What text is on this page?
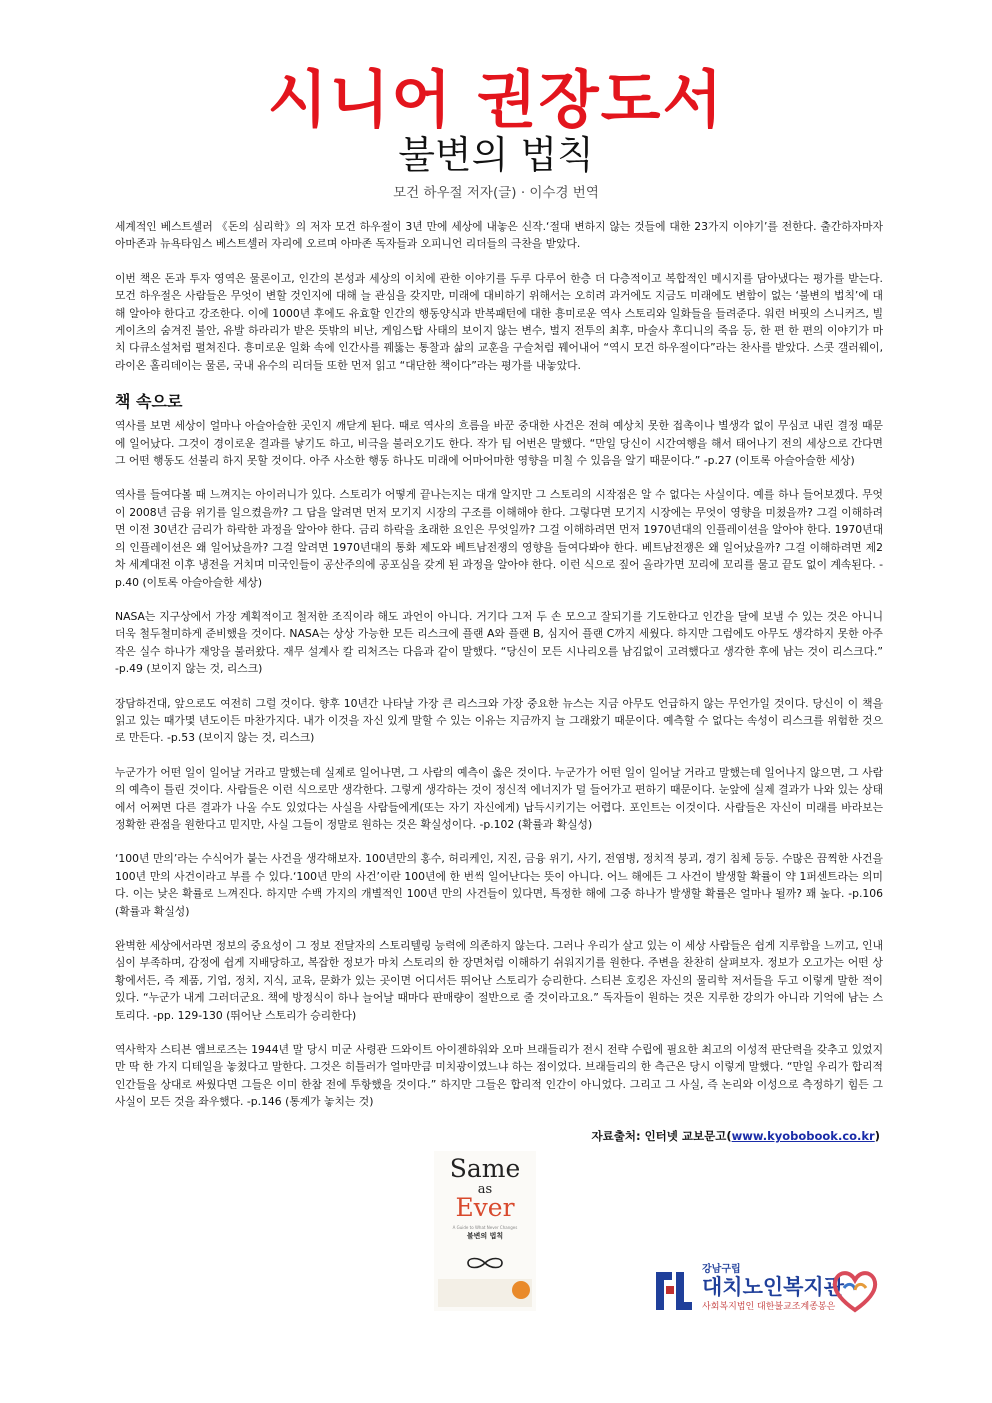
시니어 권장도서
불변의 법칙
모건 하우절 저자(글) · 이수경 번역

세계적인 베스트셀러 《돈의 심리학》의 저자 모건 하우절이 3년 만에 세상에 내놓은 신작.‘절대 변하지 않는 것들에 대한 23가지 이야기’를 전한다. 출간하자마자 아마존과 뉴욕타임스 베스트셀러 자리에 오르며 아마존 독자들과 오피니언 리더들의 극찬을 받았다.

이번 책은 돈과 투자 영역은 물론이고, 인간의 본성과 세상의 이치에 관한 이야기를 두루 다루어 한층 더 다층적이고 복합적인 메시지를 담아냈다는 평가를 받는다. 모건 하우절은 사람들은 무엇이 변할 것인지에 대해 늘 관심을 갖지만, 미래에 대비하기 위해서는 오히려 과거에도 지금도 미래에도 변함이 없는 ‘불변의 법칙’에 대해 알아야 한다고 강조한다. 이에 1000년 후에도 유효할 인간의 행동양식과 반복패턴에 대한 흥미로운 역사 스토리와 일화들을 들려준다. 워런 버핏의 스니커즈, 빌 게이츠의 숨겨진 불안, 유발 하라리가 받은 뜻밖의 비난, 게임스탑 사태의 보이지 않는 변수, 벌지 전투의 최후, 마술사 후디니의 죽음 등, 한 편 한 편의 이야기가 마치 다큐소설처럼 펼쳐진다. 흥미로운 일화 속에 인간사를 꿰뚫는 통찰과 삶의 교훈을 구슬처럼 꿰어내어 “역시 모건 하우절이다”라는 찬사를 받았다. 스콧 갤러웨이, 라이온 홀리데이는 물론, 국내 유수의 리더들 또한 먼저 읽고 “대단한 책이다”라는 평가를 내놓았다.

책 속으로

역사를 보면 세상이 얼마나 아슬아슬한 곳인지 깨닫게 된다. 때로 역사의 흐름을 바꾼 중대한 사건은 전혀 예상치 못한 접촉이나 별생각 없이 무심코 내린 결정 때문에 일어났다. 그것이 경이로운 결과를 낳기도 하고, 비극을 불러오기도 한다. 작가 팀 어번은 말했다. “만일 당신이 시간여행을 해서 태어나기 전의 세상으로 간다면 그 어떤 행동도 선불리 하지 못할 것이다. 아주 사소한 행동 하나도 미래에 어마어마한 영향을 미칠 수 있음을 알기 때문이다.” -p.27 (이토록 아슬아슬한 세상)

역사를 들여다볼 때 느껴지는 아이러니가 있다. 스토리가 어떻게 끝나는지는 대개 알지만 그 스토리의 시작점은 알 수 없다는 사실이다. 예를 하나 들어보겠다. 무엇이 2008년 금융 위기를 일으켰을까? 그 답을 알려면 먼저 모기지 시장의 구조를 이해해야 한다. 그렇다면 모기지 시장에는 무엇이 영향을 미쳤을까? 그걸 이해하려면 이전 30년간 금리가 하락한 과정을 알아야 한다. 금리 하락을 초래한 요인은 무엇일까? 그걸 이해하려면 먼저 1970년대의 인플레이션을 알아야 한다. 1970년대의 인플레이션은 왜 일어났을까? 그걸 알려면 1970년대의 통화 제도와 베트남전쟁의 영향을 들여다봐야 한다. 베트남전쟁은 왜 일어났을까? 그걸 이해하려면 제2차 세계대전 이후 냉전을 거치며 미국인들이 공산주의에 공포심을 갖게 된 과정을 알아야 한다. 이런 식으로 짚어 올라가면 꼬리에 꼬리를 물고 끝도 없이 계속된다. -p.40 (이토록 아슬아슬한 세상)

NASA는 지구상에서 가장 계획적이고 철저한 조직이라 해도 과언이 아니다. 거기다 그저 두 손 모으고 잘되기를 기도한다고 인간을 달에 보낼 수 있는 것은 아니니 더욱 철두철미하게 준비했을 것이다. NASA는 상상 가능한 모든 리스크에 플랜 A와 플랜 B, 심지어 플랜 C까지 세웠다. 하지만 그럼에도 아무도 생각하지 못한 아주 작은 실수 하나가 재앙을 불러왔다. 재무 설계사 칼 리처즈는 다음과 같이 말했다. “당신이 모든 시나리오를 남김없이 고려했다고 생각한 후에 남는 것이 리스크다.” -p.49 (보이지 않는 것, 리스크)

장담하건대, 앞으로도 여전히 그럴 것이다. 향후 10년간 나타날 가장 큰 리스크와 가장 중요한 뉴스는 지금 아무도 언급하지 않는 무언가일 것이다. 당신이 이 책을 읽고 있는 때가몇 년도이든 마찬가지다. 내가 이것을 자신 있게 말할 수 있는 이유는 지금까지 늘 그래왔기 때문이다. 예측할 수 없다는 속성이 리스크를 위험한 것으로 만든다. -p.53 (보이지 않는 것, 리스크)

누군가가 어떤 일이 일어날 거라고 말했는데 실제로 일어나면, 그 사람의 예측이 옳은 것이다. 누군가가 어떤 일이 일어날 거라고 말했는데 일어나지 않으면, 그 사람의 예측이 틀린 것이다. 사람들은 이런 식으로만 생각한다. 그렇게 생각하는 것이 정신적 에너지가 덜 들어가고 편하기 때문이다. 눈앞에 실제 결과가 나와 있는 상태에서 어쩌면 다른 결과가 나올 수도 있었다는 사실을 사람들에게(또는 자기 자신에게) 납득시키기는 어렵다. 포인트는 이것이다. 사람들은 자신이 미래를 바라보는 정확한 관점을 원한다고 믿지만, 사실 그들이 정말로 원하는 것은 확실성이다. -p.102 (확률과 확실성)

‘100년 만의’라는 수식어가 붙는 사건을 생각해보자. 100년만의 홍수, 허리케인, 지진, 금융 위기, 사기, 전염병, 정치적 붕괴, 경기 침체 등등. 수많은 끔찍한 사건을 100년 만의 사건이라고 부를 수 있다.‘100년 만의 사건’이란 100년에 한 번씩 일어난다는 뜻이 아니다. 어느 해에든 그 사건이 발생할 확률이 약 1퍼센트라는 의미다. 이는 낮은 확률로 느껴진다. 하지만 수백 가지의 개별적인 100년 만의 사건들이 있다면, 특정한 해에 그중 하나가 발생할 확률은 얼마나 될까? 꽤 높다. -p.106 (확률과 확실성)

완벽한 세상에서라면 정보의 중요성이 그 정보 전달자의 스토리텔링 능력에 의존하지 않는다. 그러나 우리가 살고 있는 이 세상 사람들은 쉽게 지루함을 느끼고, 인내심이 부족하며, 감정에 쉽게 지배당하고, 복잡한 정보가 마치 스토리의 한 장면처럼 이해하기 쉬워지기를 원한다. 주변을 찬찬히 살펴보자. 정보가 오고가는 어떤 상황에서든, 즉 제품, 기업, 정치, 지식, 교육, 문화가 있는 곳이면 어디서든 뛰어난 스토리가 승리한다. 스티븐 호킹은 자신의 물리학 저서들을 두고 이렇게 말한 적이 있다. “누군가 내게 그러더군요. 책에 방정식이 하나 늘어날 때마다 판매량이 절반으로 줄 것이라고요.” 독자들이 원하는 것은 지루한 강의가 아니라 기억에 남는 스토리다. -pp. 129-130 (뛰어난 스토리가 승리한다)

역사학자 스티븐 앰브로즈는 1944년 말 당시 미군 사령관 드와이트 아이젠하워와 오마 브래들리가 전시 전략 수립에 필요한 최고의 이성적 판단력을 갖추고 있었지만 딱 한 가지 디테일을 놓쳤다고 말한다. 그것은 히틀러가 얼마만큼 미치광이였느냐 하는 점이었다. 브래들리의 한 측근은 당시 이렇게 말했다. “만일 우리가 합리적 인간들을 상대로 싸웠다면 그들은 이미 한참 전에 투항했을 것이다.” 하지만 그들은 합리적 인간이 아니었다. 그리고 그 사실, 즉 논리와 이성으로 측정하기 힘든 그 사실이 모든 것을 좌우했다. -p.146 (통계가 놓치는 것)

자료출처: 인터넷 교보문고(www.kyobobook.co.kr)
Same
as
Ever
A Guide to What Never Changes
불변의 법칙
강남구립
대치노인복지관
사회복지법인 대한불교조계종봉은
